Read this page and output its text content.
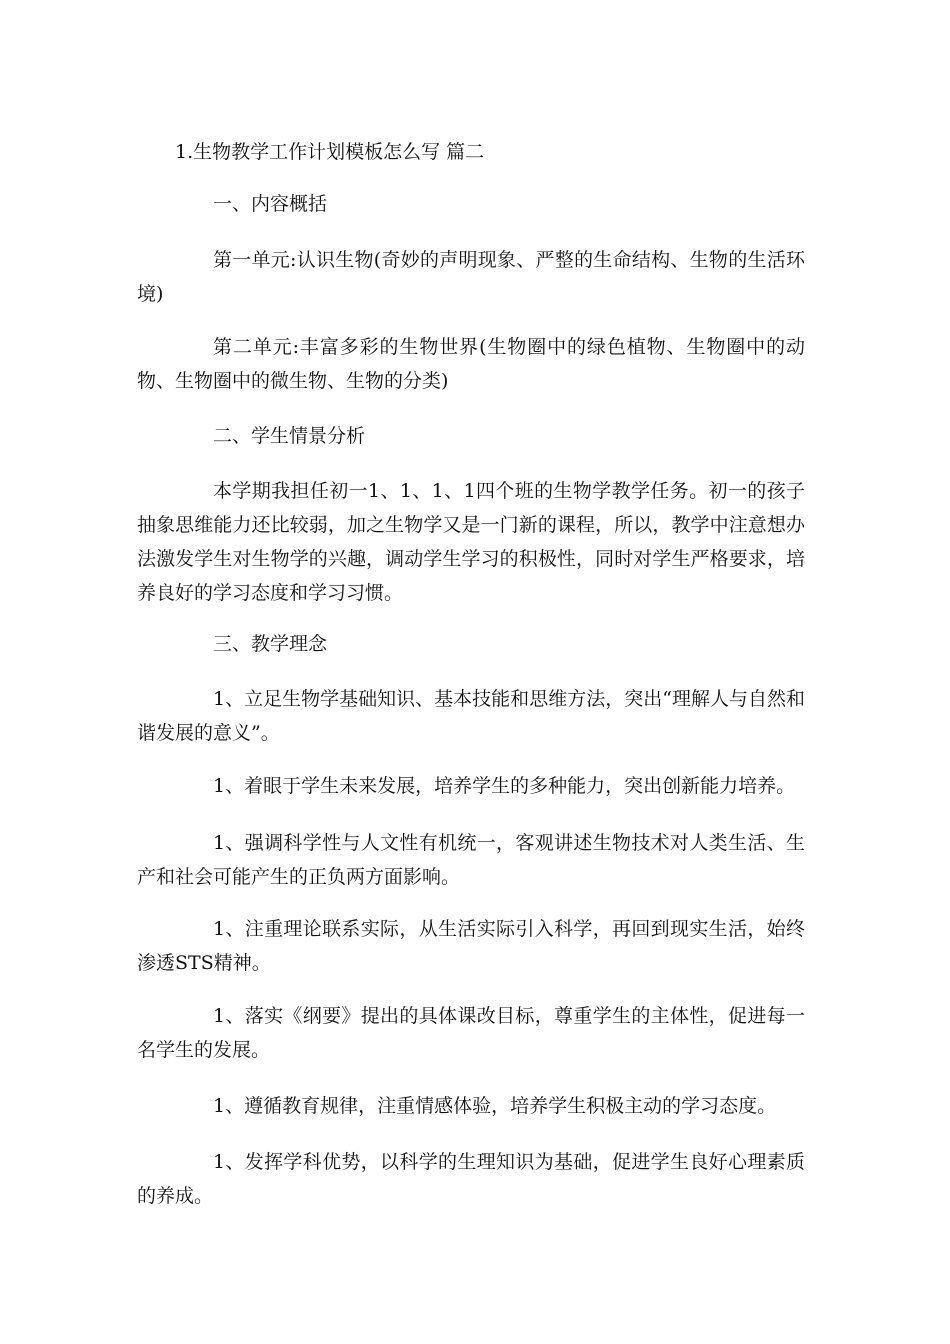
1.生物教学工作计划模板怎么写 篇二

一、内容概括

第一单元:认识生物(奇妙的声明现象、严整的生命结构、生物的生活环境)

第二单元:丰富多彩的生物世界(生物圈中的绿色植物、生物圈中的动物、生物圈中的微生物、生物的分类)

二、学生情景分析

本学期我担任初一1、1、1、1四个班的生物学教学任务。初一的孩子抽象思维能力还比较弱，加之生物学又是一门新的课程，所以，教学中注意想办法激发学生对生物学的兴趣，调动学生学习的积极性，同时对学生严格要求，培养良好的学习态度和学习习惯。

三、教学理念

1、立足生物学基础知识、基本技能和思维方法，突出“理解人与自然和谐发展的意义”。

1、着眼于学生未来发展，培养学生的多种能力，突出创新能力培养。

1、强调科学性与人文性有机统一，客观讲述生物技术对人类生活、生产和社会可能产生的正负两方面影响。

1、注重理论联系实际，从生活实际引入科学，再回到现实生活，始终渗透STS精神。

1、落实《纲要》提出的具体课改目标，尊重学生的主体性，促进每一名学生的发展。

1、遵循教育规律，注重情感体验，培养学生积极主动的学习态度。

1、发挥学科优势，以科学的生理知识为基础，促进学生良好心理素质的养成。
